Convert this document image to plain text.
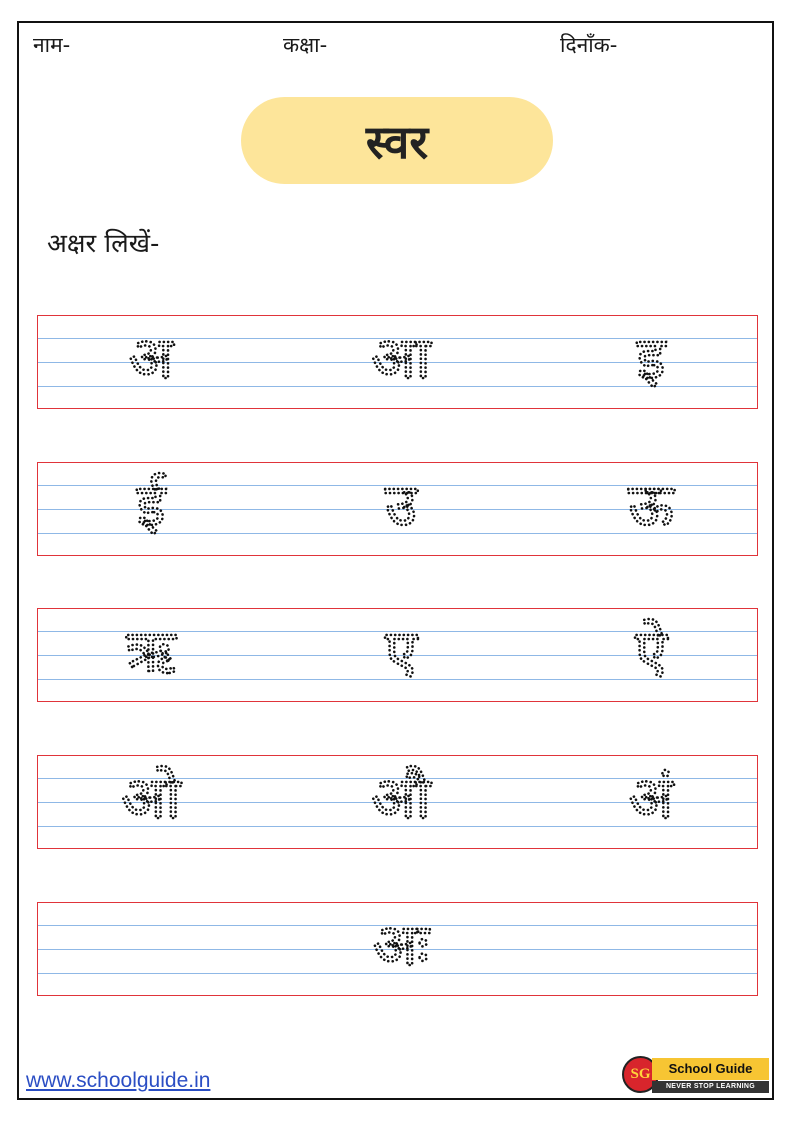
नाम-	कक्षा-	दिनाँक-
स्वर
अक्षर लिखें-
www.schoolguide.in	SG	School Guide
NEVER STOP LEARNING
